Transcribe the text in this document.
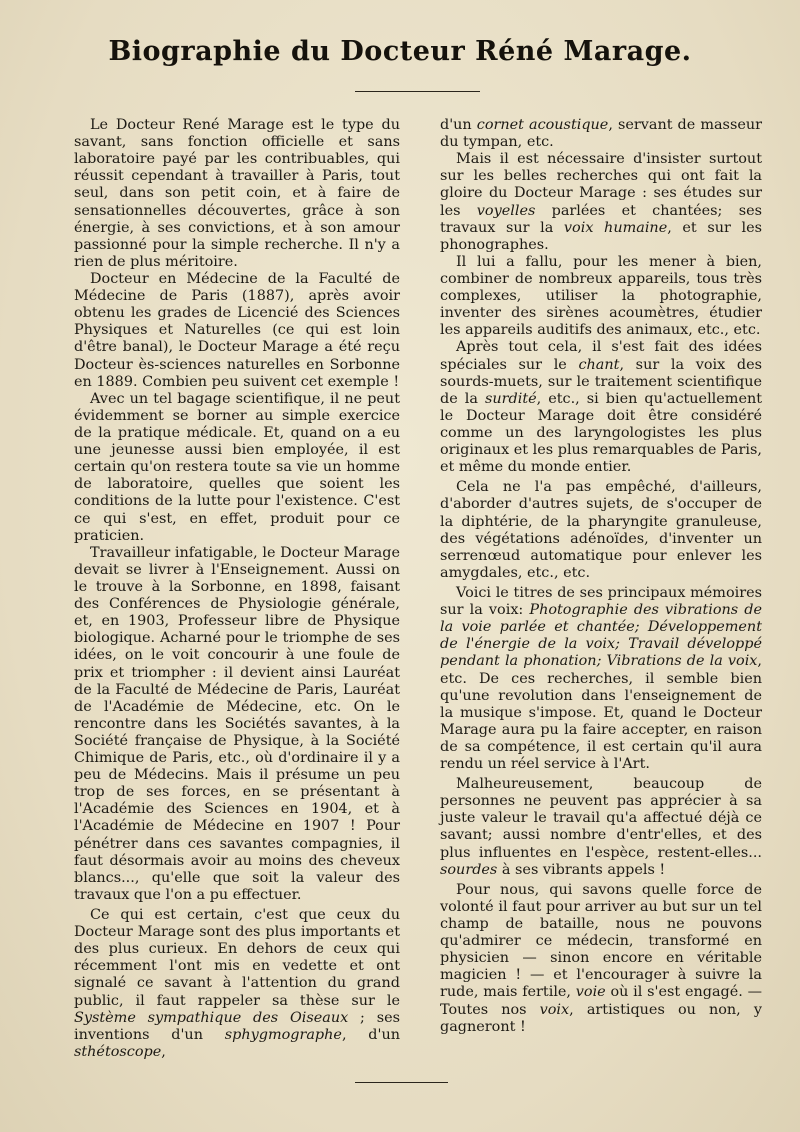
Biographie du Docteur Réné Marage.

Le Docteur René Marage est le type du savant, sans fonction officielle et sans laboratoire payé par les contribuables, qui réussit cependant à travailler à Paris, tout seul, dans son petit coin, et à faire de sensationnelles découvertes, grâce à son énergie, à ses convictions, et à son amour passionné pour la simple recherche. Il n'y a rien de plus méritoire.

Docteur en Médecine de la Faculté de Médecine de Paris (1887), après avoir obtenu les grades de Licencié des Sciences Physiques et Naturelles (ce qui est loin d'être banal), le Docteur Marage a été reçu Docteur ès-sciences naturelles en Sorbonne en 1889. Combien peu suivent cet exemple !

Avec un tel bagage scientifique, il ne peut évidemment se borner au simple exercice de la pratique médicale. Et, quand on a eu une jeunesse aussi bien employée, il est certain qu'on restera toute sa vie un homme de laboratoire, quelles que soient les conditions de la lutte pour l'existence. C'est ce qui s'est, en effet, produit pour ce praticien.

Travailleur infatigable, le Docteur Marage devait se livrer à l'Enseignement. Aussi on le trouve à la Sorbonne, en 1898, faisant des Conférences de Physiologie générale, et, en 1903, Professeur libre de Physique biologique. Acharné pour le triomphe de ses idées, on le voit concourir à une foule de prix et triompher : il devient ainsi Lauréat de la Faculté de Médecine de Paris, Lauréat de l'Académie de Médecine, etc. On le rencontre dans les Sociétés savantes, à la Société française de Physique, à la Société Chimique de Paris, etc., où d'ordinaire il y a peu de Médecins. Mais il présume un peu trop de ses forces, en se présentant à l'Académie des Sciences en 1904, et à l'Académie de Médecine en 1907 ! Pour pénétrer dans ces savantes compagnies, il faut désormais avoir au moins des cheveux blancs..., qu'elle que soit la valeur des travaux que l'on a pu effectuer.

Ce qui est certain, c'est que ceux du Docteur Marage sont des plus importants et des plus curieux. En dehors de ceux qui récemment l'ont mis en vedette et ont signalé ce savant à l'attention du grand public, il faut rappeler sa thèse sur le Système sympathique des Oiseaux ; ses inventions d'un sphygmographe, d'un sthétoscope,

d'un cornet acoustique, servant de masseur du tympan, etc.

Mais il est nécessaire d'insister surtout sur les belles recherches qui ont fait la gloire du Docteur Marage : ses études sur les voyelles parlées et chantées; ses travaux sur la voix humaine, et sur les phonographes.

Il lui a fallu, pour les mener à bien, combiner de nombreux appareils, tous très complexes, utiliser la photographie, inventer des sirènes acoumètres, étudier les appareils auditifs des animaux, etc., etc.

Après tout cela, il s'est fait des idées spéciales sur le chant, sur la voix des sourds-muets, sur le traitement scientifique de la surdité, etc., si bien qu'actuellement le Docteur Marage doit être considéré comme un des laryngologistes les plus originaux et les plus remarquables de Paris, et même du monde entier.

Cela ne l'a pas empêché, d'ailleurs, d'aborder d'autres sujets, de s'occuper de la diphtérie, de la pharyngite granuleuse, des végétations adénoïdes, d'inventer un serrenœud automatique pour enlever les amygdales, etc., etc.

Voici le titres de ses principaux mémoires sur la voix: Photographie des vibrations de la voie parlée et chantée; Développement de l'énergie de la voix; Travail développé pendant la phonation; Vibrations de la voix, etc. De ces recherches, il semble bien qu'une revolution dans l'enseignement de la musique s'impose. Et, quand le Docteur Marage aura pu la faire accepter, en raison de sa compétence, il est certain qu'il aura rendu un réel service à l'Art.

Malheureusement, beaucoup de personnes ne peuvent pas apprécier à sa juste valeur le travail qu'a affectué déjà ce savant; aussi nombre d'entr'elles, et des plus influentes en l'espèce, restent-elles... sourdes à ses vibrants appels !

Pour nous, qui savons quelle force de volonté il faut pour arriver au but sur un tel champ de bataille, nous ne pouvons qu'admirer ce médecin, transformé en physicien — sinon encore en véritable magicien ! — et l'encourager à suivre la rude, mais fertile, voie où il s'est engagé. — Toutes nos voix, artistiques ou non, y gagneront !
